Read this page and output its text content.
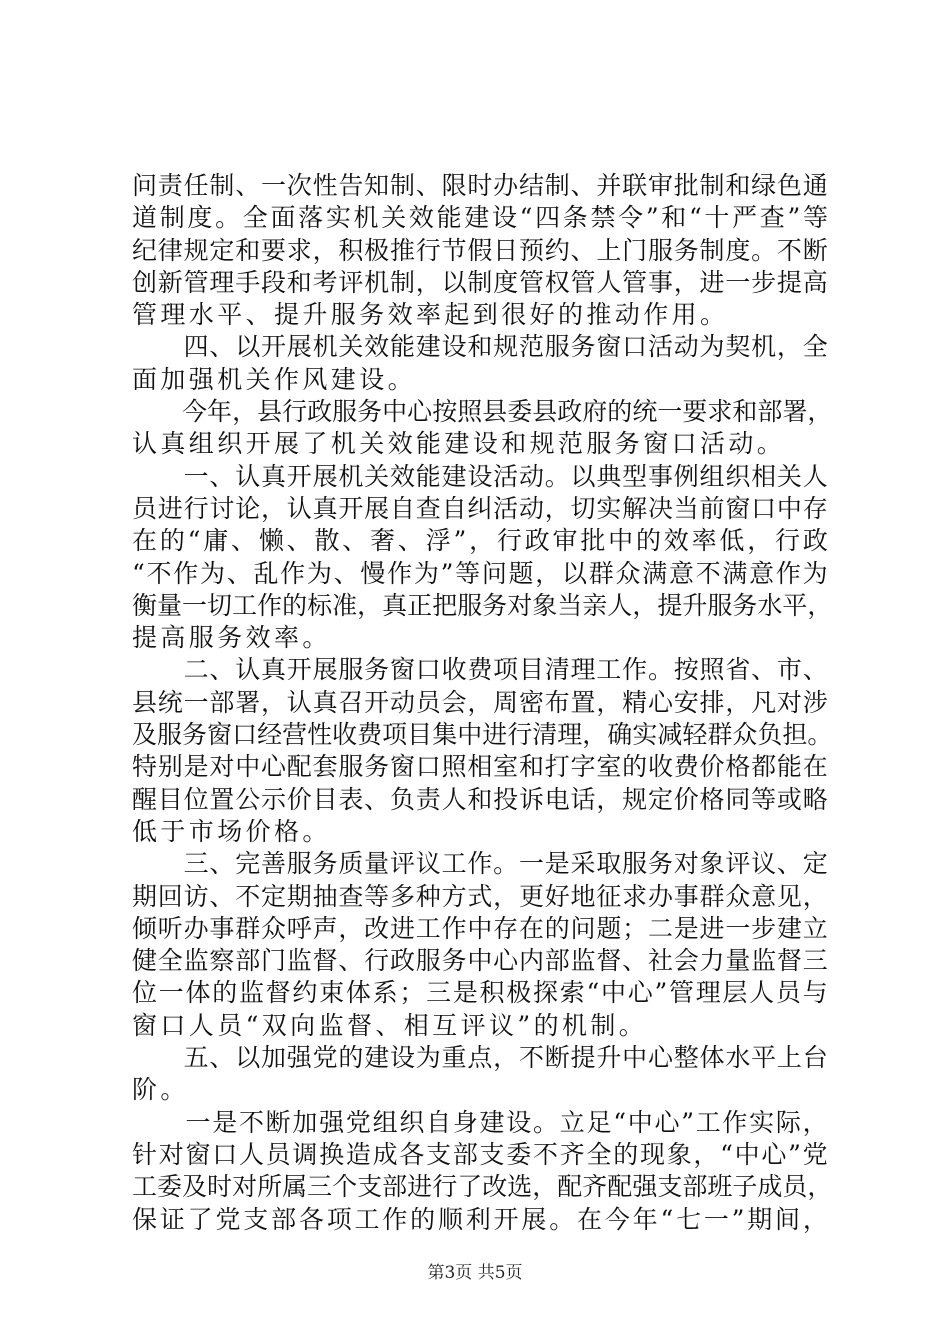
问 责 任 制 、 一 次 性 告 知 制 、 限 时 办 结 制 、 并 联 审 批 制 和 绿 色 通
道 制 度 。 全 面 落 实 机 关 效 能 建 设 “ 四 条 禁 令 ” 和 “ 十 严 查 ” 等
纪 律 规 定 和 要 求 ， 积 极 推 行 节 假 日 预 约 、 上 门 服 务 制 度 。 不 断
创 新 管 理 手 段 和 考 评 机 制 ， 以 制 度 管 权 管 人 管 事 ， 进 一 步 提 高
管理水平、提升服务效率起到很好的推动作用。

四 、 以 开 展 机 关 效 能 建 设 和 规 范 服 务 窗 口 活 动 为 契 机 ， 全
面加强机关作风建设。

今 年 ， 县 行 政 服 务 中 心 按 照 县 委 县 政 府 的 统 一 要 求 和 部 署 ，
认真组织开展了机关效能建设和规范服务窗口活动。

一 、 认 真 开 展 机 关 效 能 建 设 活 动 。 以 典 型 事 例 组 织 相 关 人
员 进 行 讨 论 ， 认 真 开 展 自 查 自 纠 活 动 ， 切 实 解 决 当 前 窗 口 中 存
在 的 “ 庸 、 懒 、 散 、 奢 、 浮 ” ， 行 政 审 批 中 的 效 率 低 ， 行 政
“ 不 作 为 、 乱 作 为 、 慢 作 为 ” 等 问 题 ， 以 群 众 满 意 不 满 意 作 为
衡 量 一 切 工 作 的 标 准 ， 真 正 把 服 务 对 象 当 亲 人 ， 提 升 服 务 水 平 ，
提高服务效率。

二 、 认 真 开 展 服 务 窗 口 收 费 项 目 清 理 工 作 。 按 照 省 、 市 、
县 统 一 部 署 ， 认 真 召 开 动 员 会 ， 周 密 布 置 ， 精 心 安 排 ， 凡 对 涉
及 服 务 窗 口 经 营 性 收 费 项 目 集 中 进 行 清 理 ， 确 实 减 轻 群 众 负 担 。
特 别 是 对 中 心 配 套 服 务 窗 口 照 相 室 和 打 字 室 的 收 费 价 格 都 能 在
醒 目 位 置 公 示 价 目 表 、 负 责 人 和 投 诉 电 话 ， 规 定 价 格 同 等 或 略
低于市场价格。

三 、 完 善 服 务 质 量 评 议 工 作 。 一 是 采 取 服 务 对 象 评 议 、 定
期 回 访 、 不 定 期 抽 查 等 多 种 方 式 ， 更 好 地 征 求 办 事 群 众 意 见 ，
倾 听 办 事 群 众 呼 声 ， 改 进 工 作 中 存 在 的 问 题 ； 二 是 进 一 步 建 立
健 全 监 察 部 门 监 督 、 行 政 服 务 中 心 内 部 监 督 、 社 会 力 量 监 督 三
位 一 体 的 监 督 约 束 体 系 ； 三 是 积 极 探 索 “ 中 心 ” 管 理 层 人 员 与
窗口人员“双向监督、相互评议”的机制。

五 、 以 加 强 党 的 建 设 为 重 点 ， 不 断 提 升 中 心 整 体 水 平 上 台
阶。

一 是 不 断 加 强 党 组 织 自 身 建 设 。 立 足 “ 中 心 ” 工 作 实 际 ，
针 对 窗 口 人 员 调 换 造 成 各 支 部 支 委 不 齐 全 的 现 象 ， “ 中 心 ” 党
工 委 及 时 对 所 属 三 个 支 部 进 行 了 改 选 ， 配 齐 配 强 支 部 班 子 成 员 ，
保 证 了 党 支 部 各 项 工 作 的 顺 利 开 展 。 在 今 年 “ 七 一 ” 期 间 ，
第3页 共5页
